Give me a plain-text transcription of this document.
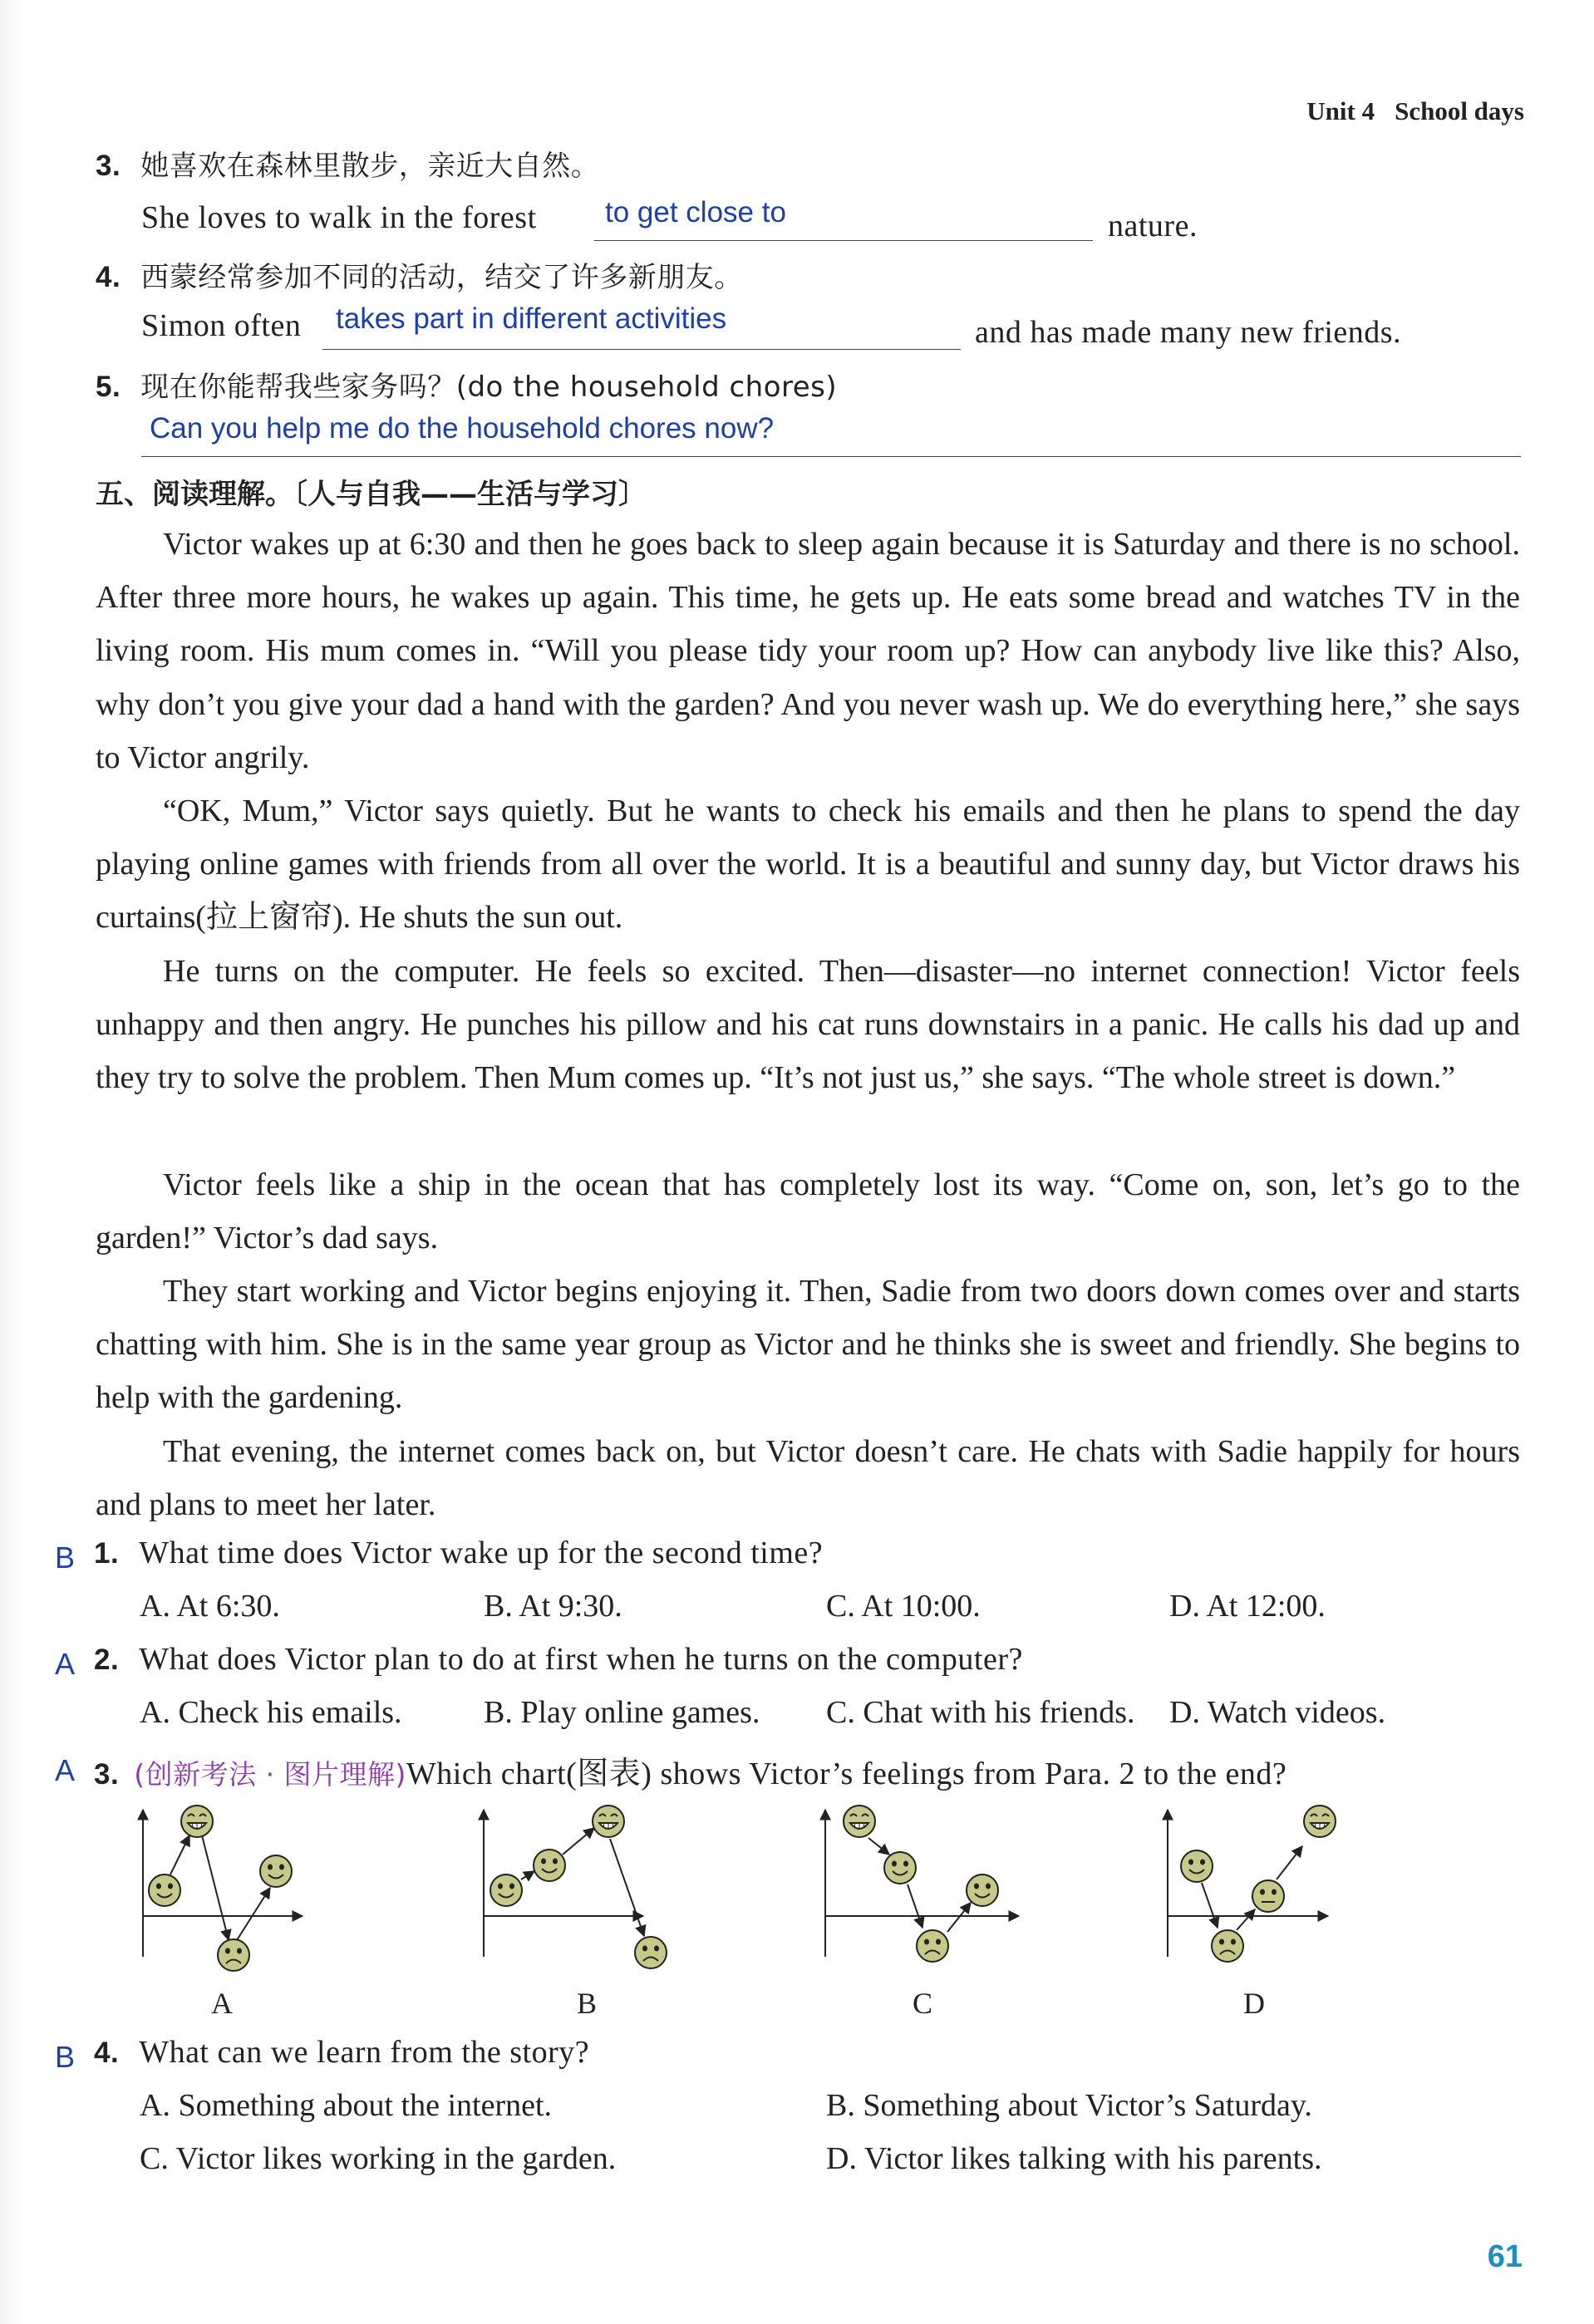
Unit 4 School days
3. 她喜欢在森林里散步，亲近大自然。
She loves to walk in the forest to get close to	nature.
4. 西蒙经常参加不同的活动，结交了许多新朋友。
Simon often takes part in different activities	and has made many new friends.
5. 现在你能帮我些家务吗？(do the household chores)
Can you help me do the household chores now?
五、阅读理解。〔人与自我——生活与学习〕
Victor wakes up at 6:30 and then he goes back to sleep again because it is Saturday and there is no school. After three more hours, he wakes up again. This time, he gets up. He eats some bread and watches TV in the living room. His mum comes in. “Will you please tidy your room up? How can anybody live like this? Also, why don’t you give your dad a hand with the garden? And you never wash up. We do everything here,” she says to Victor angrily.
“OK, Mum,” Victor says quietly. But he wants to check his emails and then he plans to spend the day playing online games with friends from all over the world. It is a beautiful and sunny day, but Victor draws his curtains(拉上窗帘). He shuts the sun out.
He turns on the computer. He feels so excited. Then—disaster—no internet connection! Victor feels unhappy and then angry. He punches his pillow and his cat runs downstairs in a panic. He calls his dad up and they try to solve the problem. Then Mum comes up. “It’s not just us,” she says. “The whole street is down.”
Victor feels like a ship in the ocean that has completely lost its way. “Come on, son, let’s go to the garden!” Victor’s dad says.
They start working and Victor begins enjoying it. Then, Sadie from two doors down comes over and starts chatting with him. She is in the same year group as Victor and he thinks she is sweet and friendly. She begins to help with the gardening.
That evening, the internet comes back on, but Victor doesn’t care. He chats with Sadie happily for hours and plans to meet her later.
B 1. What time does Victor wake up for the second time?
A. At 6:30.	B. At 9:30.	C. At 10:00.	D. At 12:00.
A 2. What does Victor plan to do at first when he turns on the computer?
A. Check his emails.	B. Play online games. C. Chat with his friends. D. Watch videos.
A 3. (创新考法 · 图片理解)Which chart(图表) shows Victor’s feelings from Para. 2 to the end?
A	B	C	D
B 4. What can we learn from the story?
A. Something about the internet.	B. Something about Victor’s Saturday.
C. Victor likes working in the garden.	D. Victor likes talking with his parents.
61
